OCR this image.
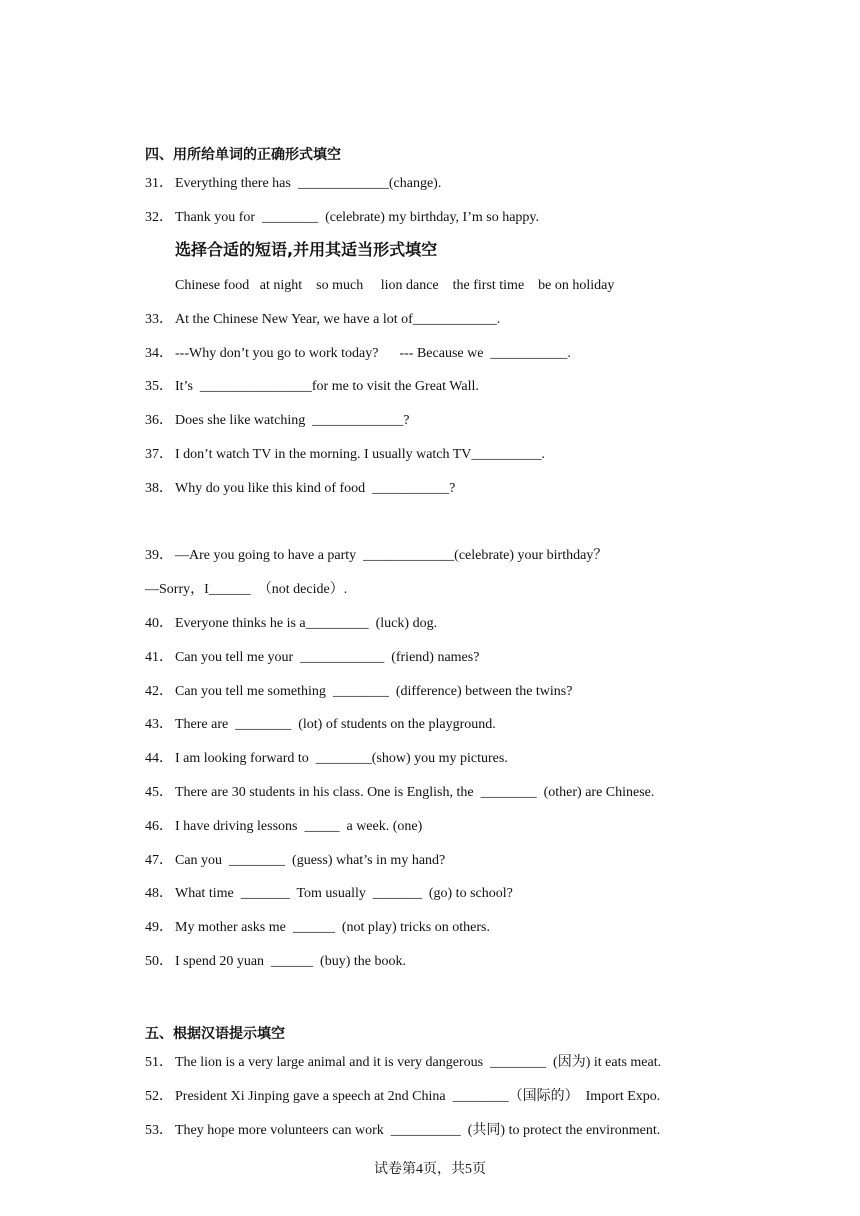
四、用所给单词的正确形式填空
31． Everything there has  _____________(change).
32． Thank you for  ________  (celebrate) my birthday, I’m so happy.
选择合适的短语,并用其适当形式填空
Chinese food   at night    so much     lion dance    the first time    be on holiday
33． At the Chinese New Year, we have a lot of____________.
34． ---Why don’t you go to work today?      --- Because we  ___________.
35． It’s  ________________for me to visit the Great Wall.
36． Does she like watching  _____________?
37． I don’t watch TV in the morning. I usually watch TV__________.
38． Why do you like this kind of food  ___________?
39． —Are you going to have a party  _____________(celebrate) your birthday？
—Sorry，I______  （not decide）.
40． Everyone thinks he is a_________  (luck) dog.
41． Can you tell me your  ____________  (friend) names?
42． Can you tell me something  ________  (difference) between the twins?
43． There are  ________  (lot) of students on the playground.
44． I am looking forward to  ________(show) you my pictures.
45． There are 30 students in his class. One is English, the  ________  (other) are Chinese.
46． I have driving lessons  _____  a week. (one)
47． Can you  ________  (guess) what’s in my hand?
48． What time  _______  Tom usually  _______  (go) to school?
49． My mother asks me  ______  (not play) tricks on others.
50． I spend 20 yuan  ______  (buy) the book.
五、根据汉语提示填空
51． The lion is a very large animal and it is very dangerous  ________  (因为) it eats meat.
52． President Xi Jinping gave a speech at 2nd China  ________（国际的）  Import Expo.
53． They hope more volunteers can work  __________  (共同) to protect the environment.
试卷第4页，共5页
